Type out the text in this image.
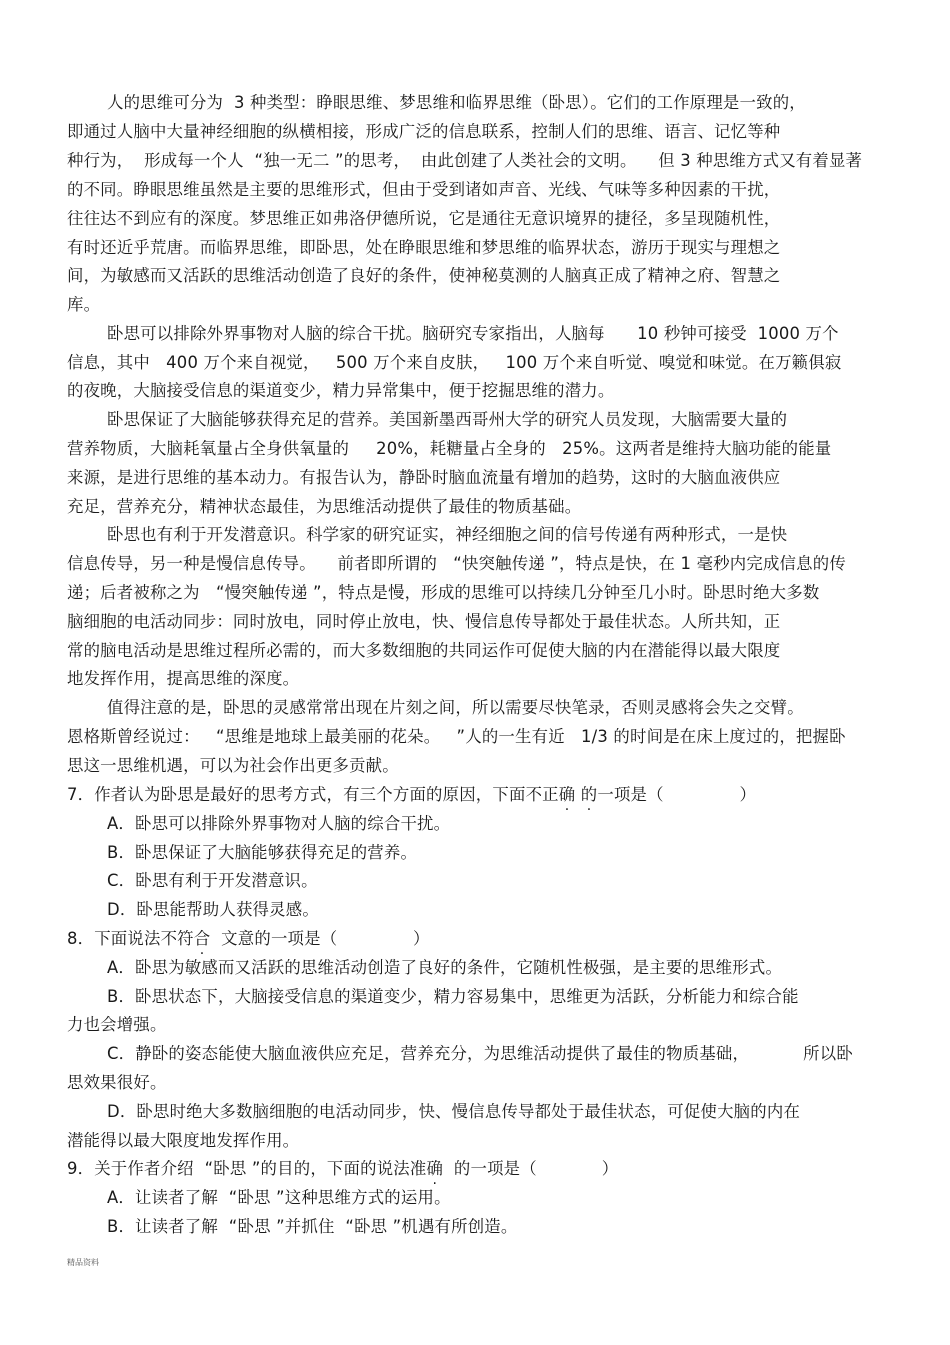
人的思维可分为  3 种类型：睁眼思维、梦思维和临界思维（卧思）。它们的工作原理是一致的，
即通过人脑中大量神经细胞的纵横相接，形成广泛的信息联系，控制人们的思维、语言、记忆等种
种行为，  形成每一个人  “独一无二 ”的思考，  由此创建了人类社会的文明。    但 3 种思维方式又有着显著
的不同。睁眼思维虽然是主要的思维形式，但由于受到诸如声音、光线、气味等多种因素的干扰，
往往达不到应有的深度。梦思维正如弗洛伊德所说，它是通往无意识境界的捷径，多呈现随机性，
有时还近乎荒唐。而临界思维，即卧思，处在睁眼思维和梦思维的临界状态，游历于现实与理想之
间，为敏感而又活跃的思维活动创造了良好的条件，使神秘莫测的人脑真正成了精神之府、智慧之
库。
卧思可以排除外界事物对人脑的综合干扰。脑研究专家指出，人脑每      10 秒钟可接受  1000 万个
信息，其中   400 万个来自视觉，   500 万个来自皮肤，   100 万个来自听觉、嗅觉和味觉。在万籁俱寂
的夜晚，大脑接受信息的渠道变少，精力异常集中，便于挖掘思维的潜力。
卧思保证了大脑能够获得充足的营养。美国新墨西哥州大学的研究人员发现，大脑需要大量的
营养物质，大脑耗氧量占全身供氧量的     20%，耗糖量占全身的   25%。这两者是维持大脑功能的能量
来源，是进行思维的基本动力。有报告认为，静卧时脑血流量有增加的趋势，这时的大脑血液供应
充足，营养充分，精神状态最佳，为思维活动提供了最佳的物质基础。
卧思也有利于开发潜意识。科学家的研究证实，神经细胞之间的信号传递有两种形式，一是快
信息传导，另一种是慢信息传导。    前者即所谓的   “快突触传递 ”，特点是快，在 1 毫秒内完成信息的传
递；后者被称之为   “慢突触传递 ”，特点是慢，形成的思维可以持续几分钟至几小时。卧思时绝大多数
脑细胞的电活动同步：同时放电，同时停止放电，快、慢信息传导都处于最佳状态。人所共知，正
常的脑电活动是思维过程所必需的，而大多数细胞的共同运作可促使大脑的内在潜能得以最大限度
地发挥作用，提高思维的深度。
值得注意的是，卧思的灵感常常出现在片刻之间，所以需要尽快笔录，否则灵感将会失之交臂。
恩格斯曾经说过：   “思维是地球上最美丽的花朵。   ”人的一生有近   1/3 的时间是在床上度过的，把握卧
思这一思维机遇，可以为社会作出更多贡献。
7．作者认为卧思是最好的思考方式，有三个方面的原因，下面不正确 的一项是（              ）
A．卧思可以排除外界事物对人脑的综合干扰。
B．卧思保证了大脑能够获得充足的营养。
C．卧思有利于开发潜意识。
D．卧思能帮助人获得灵感。
8．下面说法不符合  文意的一项是（              ）
A．卧思为敏感而又活跃的思维活动创造了良好的条件，它随机性极强，是主要的思维形式。
B．卧思状态下，大脑接受信息的渠道变少，精力容易集中，思维更为活跃，分析能力和综合能
力也会增强。
C．静卧的姿态能使大脑血液供应充足，营养充分，为思维活动提供了最佳的物质基础，          所以卧
思效果很好。
D．卧思时绝大多数脑细胞的电活动同步，快、慢信息传导都处于最佳状态，可促使大脑的内在
潜能得以最大限度地发挥作用。
9．关于作者介绍  “卧思 ”的目的，下面的说法准确  的一项是（            ）
A．让读者了解  “卧思 ”这种思维方式的运用。
B．让读者了解  “卧思 ”并抓住  “卧思 ”机遇有所创造。
精品资料
